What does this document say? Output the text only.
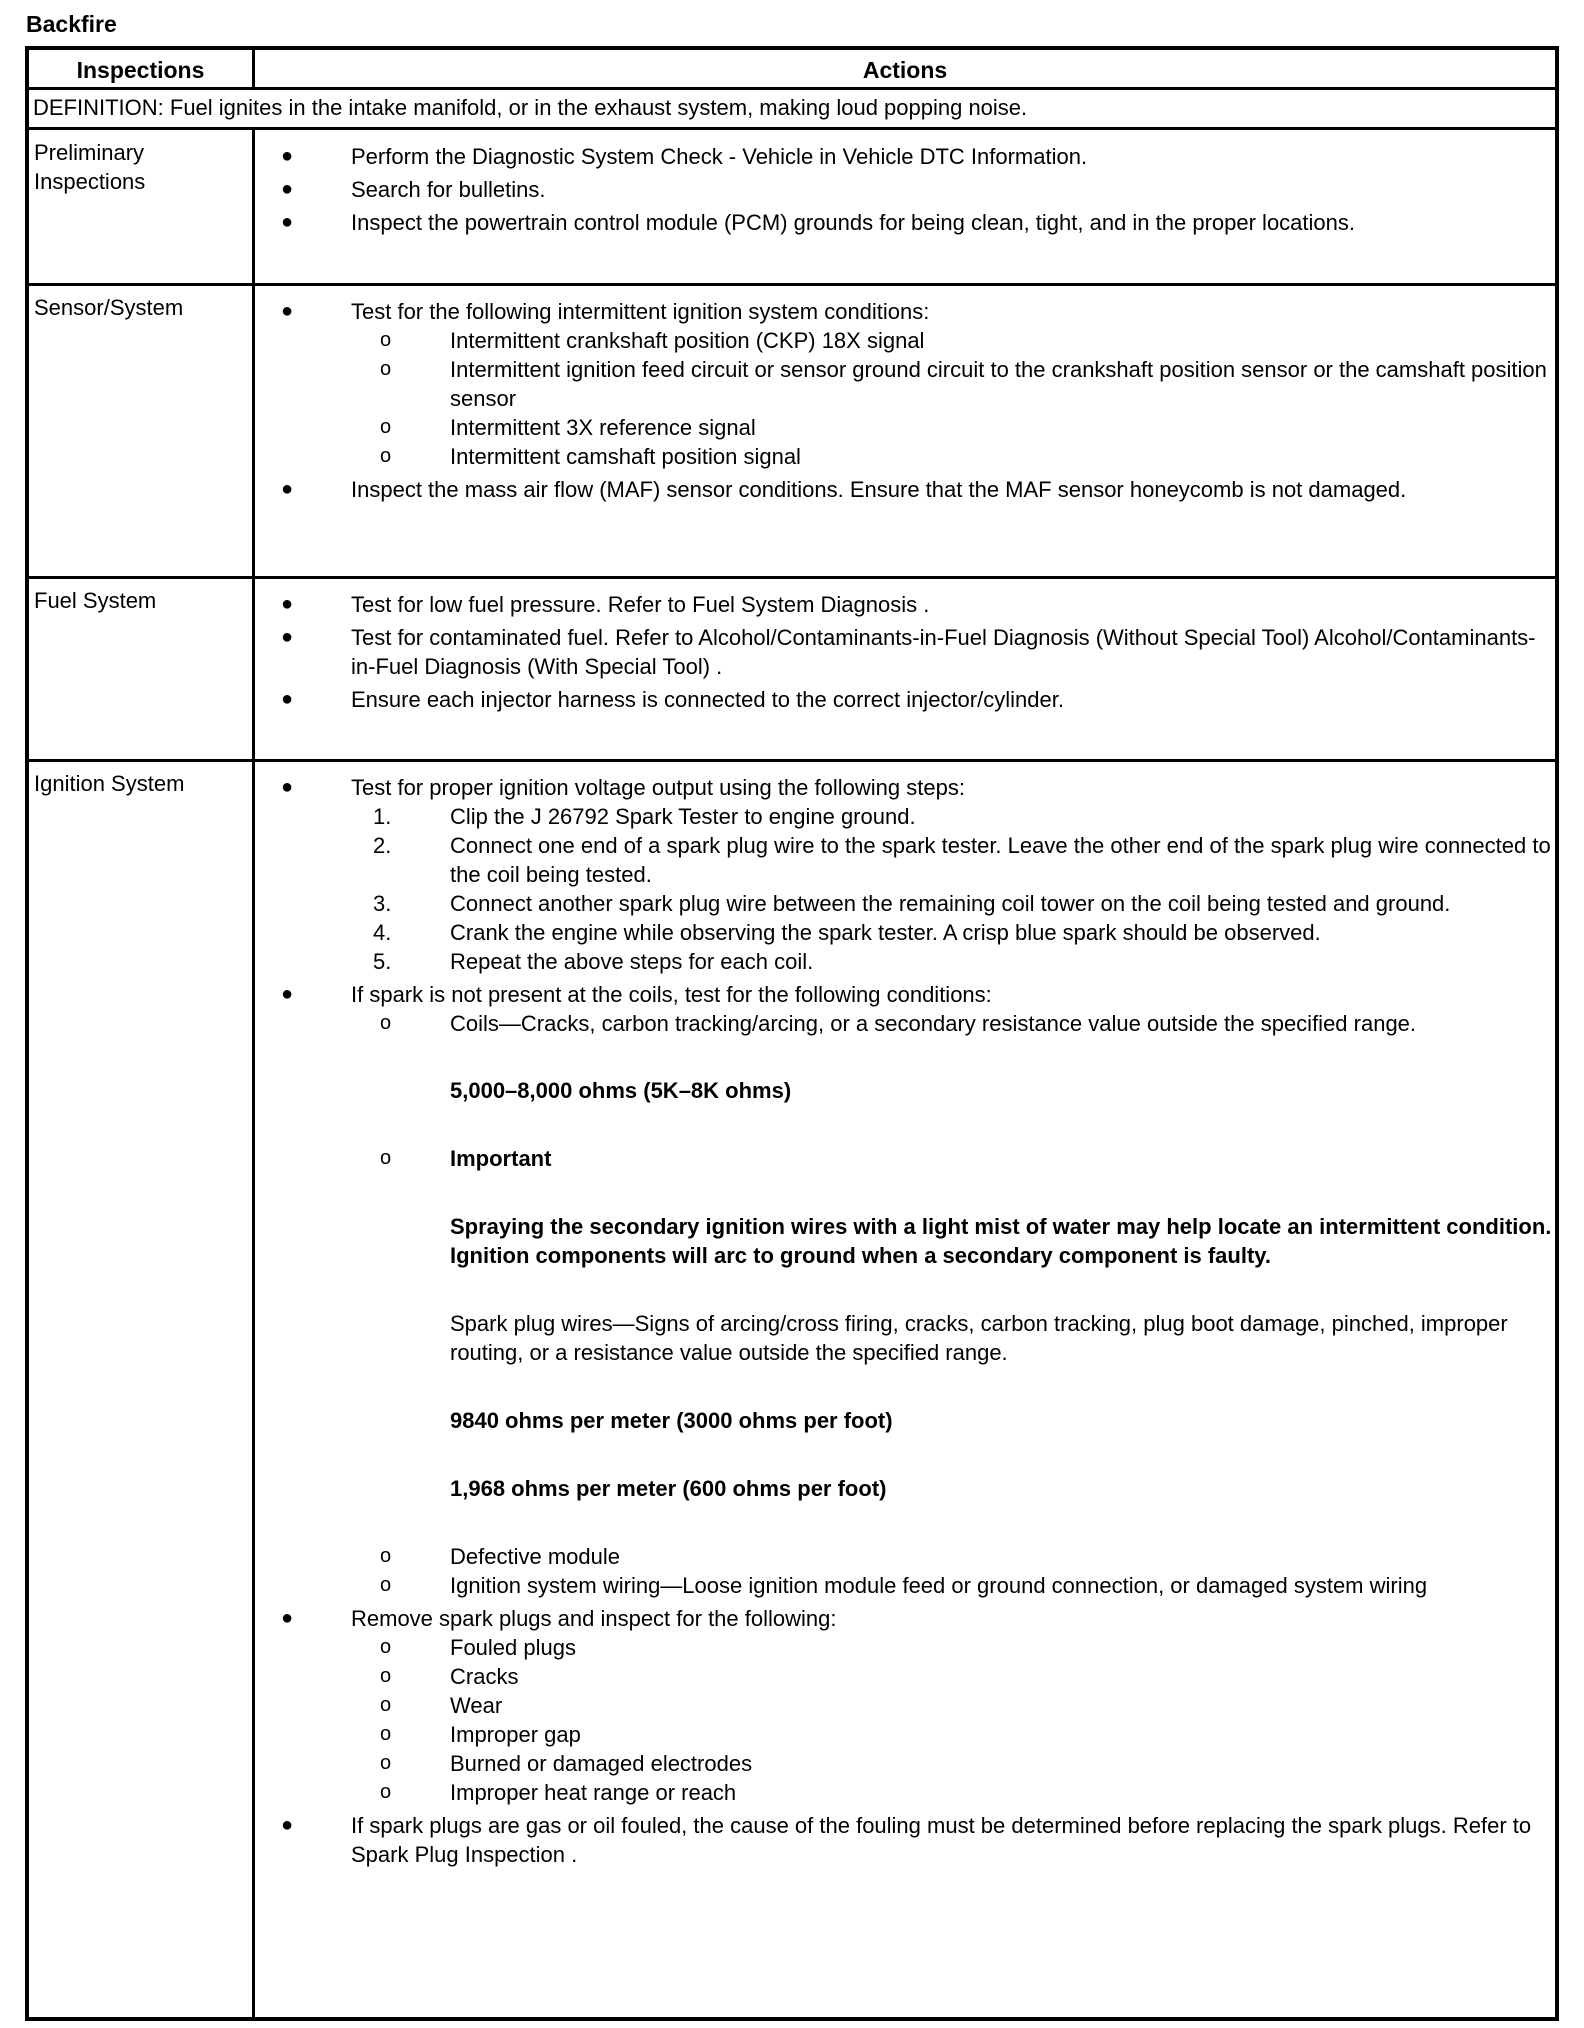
Backfire
Inspections	Actions
DEFINITION: Fuel ignites in the intake manifold, or in the exhaust system, making loud popping noise.
Preliminary Inspections
●	Perform the Diagnostic System Check - Vehicle in Vehicle DTC Information.
●	Search for bulletins.
●	Inspect the powertrain control module (PCM) grounds for being clean, tight, and in the proper locations.
Sensor/System	●	Test for the following intermittent ignition system conditions:
o	Intermittent crankshaft position (CKP) 18X signal
o	Intermittent ignition feed circuit or sensor ground circuit to the crankshaft position sensor or the camshaft position sensor
o	Intermittent 3X reference signal
o	Intermittent camshaft position signal
●	Inspect the mass air flow (MAF) sensor conditions. Ensure that the MAF sensor honeycomb is not damaged.
Fuel System	●	Test for low fuel pressure. Refer to Fuel System Diagnosis .
●	Test for contaminated fuel. Refer to Alcohol/Contaminants-in-Fuel Diagnosis (Without Special Tool) Alcohol/Contaminants-in-Fuel Diagnosis (With Special Tool) .
●	Ensure each injector harness is connected to the correct injector/cylinder.
Ignition System	●	Test for proper ignition voltage output using the following steps:
1.	Clip the J 26792 Spark Tester to engine ground.
2.	Connect one end of a spark plug wire to the spark tester. Leave the other end of the spark plug wire connected to the coil being tested.
3.	Connect another spark plug wire between the remaining coil tower on the coil being tested and ground.
4.	Crank the engine while observing the spark tester. A crisp blue spark should be observed.
5.	Repeat the above steps for each coil.
●	If spark is not present at the coils, test for the following conditions:
o	Coils—Cracks, carbon tracking/arcing, or a secondary resistance value outside the specified range.
5,000–8,000 ohms (5K–8K ohms)
o	Important
Spraying the secondary ignition wires with a light mist of water may help locate an intermittent condition. Ignition components will arc to ground when a secondary component is faulty.
Spark plug wires—Signs of arcing/cross firing, cracks, carbon tracking, plug boot damage, pinched, improper routing, or a resistance value outside the specified range.
9840 ohms per meter (3000 ohms per foot)
1,968 ohms per meter (600 ohms per foot)
o	Defective module
o	Ignition system wiring—Loose ignition module feed or ground connection, or damaged system wiring
●	Remove spark plugs and inspect for the following:
o	Fouled plugs
o	Cracks
o	Wear
o	Improper gap
o	Burned or damaged electrodes
o	Improper heat range or reach
●	If spark plugs are gas or oil fouled, the cause of the fouling must be determined before replacing the spark plugs. Refer to Spark Plug Inspection .
